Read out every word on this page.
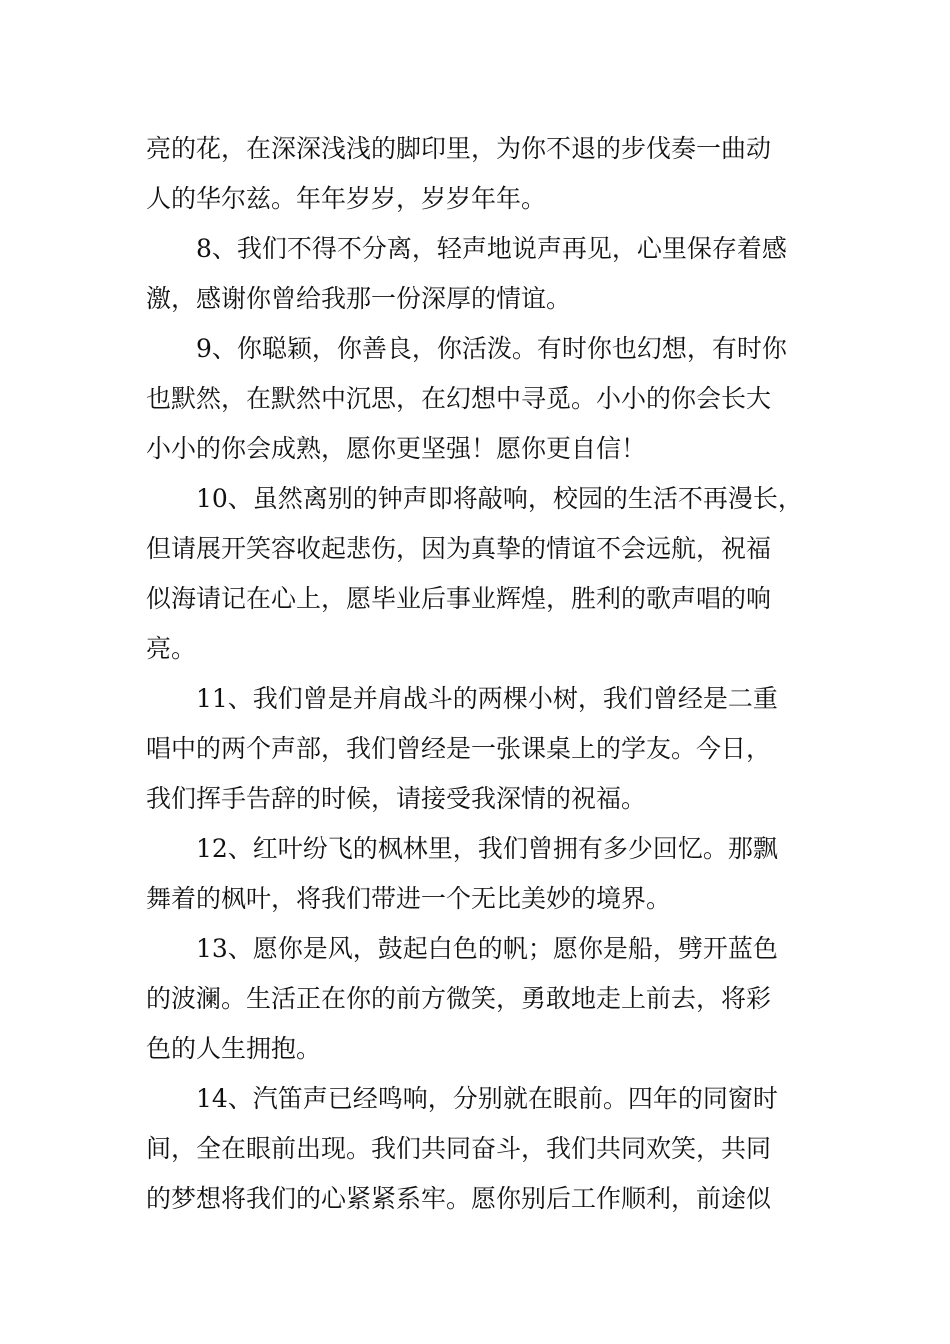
亮的花，在深深浅浅的脚印里，为你不退的步伐奏一曲动
人的华尔兹。年年岁岁，岁岁年年。
8、我们不得不分离，轻声地说声再见，心里保存着感
激，感谢你曾给我那一份深厚的情谊。
9、你聪颖，你善良，你活泼。有时你也幻想，有时你
也默然，在默然中沉思，在幻想中寻觅。小小的你会长大
小小的你会成熟，愿你更坚强！愿你更自信！
10、虽然离别的钟声即将敲响，校园的生活不再漫长，
但请展开笑容收起悲伤，因为真挚的情谊不会远航，祝福
似海请记在心上，愿毕业后事业辉煌，胜利的歌声唱的响
亮。
11、我们曾是并肩战斗的两棵小树，我们曾经是二重
唱中的两个声部，我们曾经是一张课桌上的学友。今日，
我们挥手告辞的时候，请接受我深情的祝福。
12、红叶纷飞的枫林里，我们曾拥有多少回忆。那飘
舞着的枫叶，将我们带进一个无比美妙的境界。
13、愿你是风，鼓起白色的帆；愿你是船，劈开蓝色
的波澜。生活正在你的前方微笑，勇敢地走上前去，将彩
色的人生拥抱。
14、汽笛声已经鸣响，分别就在眼前。四年的同窗时
间，全在眼前出现。我们共同奋斗，我们共同欢笑，共同
的梦想将我们的心紧紧系牢。愿你别后工作顺利，前途似
